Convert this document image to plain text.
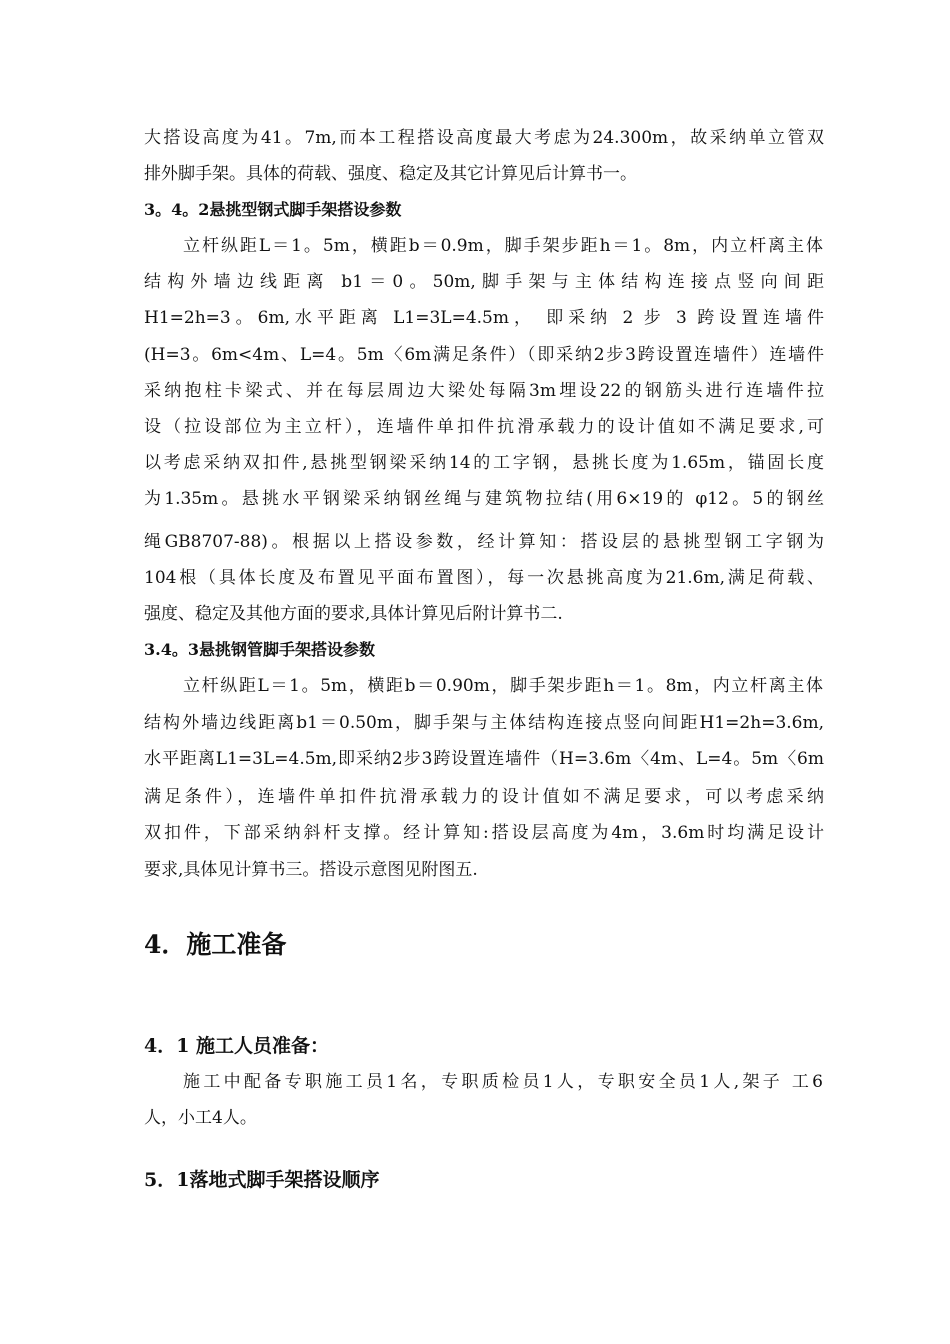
大搭设高度为41。7m,而本工程搭设高度最大考虑为24.300m，故采纳单立管双
排外脚手架。具体的荷载、强度、稳定及其它计算见后计算书一。
3。4。2悬挑型钢式脚手架搭设参数
立杆纵距L＝1。5m，横距b＝0.9m，脚手架步距h＝1。8m，内立杆离主体
结构外墙边线距离 b1＝0。50m,脚手架与主体结构连接点竖向间距
H1=2h=3。6m,水平距离 L1=3L=4.5m， 即采纳 2 步 3 跨设置连墙件
(H=3。6m<4m、L=4。5m〈6m满足条件）（即采纳2步3跨设置连墙件）连墙件
采纳抱柱卡梁式、并在每层周边大梁处每隔3m埋设22的钢筋头进行连墙件拉
设（拉设部位为主立杆），连墙件单扣件抗滑承载力的设计值如不满足要求,可
以考虑采纳双扣件,悬挑型钢梁采纳14的工字钢，悬挑长度为1.65m，锚固长度
为1.35m。悬挑水平钢梁采纳钢丝绳与建筑物拉结(用6×19的 φ12。5的钢丝
绳GB8707-88)。根据以上搭设参数，经计算知：搭设层的悬挑型钢工字钢为
104根（具体长度及布置见平面布置图），每一次悬挑高度为21.6m,满足荷载、
强度、稳定及其他方面的要求,具体计算见后附计算书二.
3.4。3悬挑钢管脚手架搭设参数
立杆纵距L＝1。5m，横距b＝0.90m，脚手架步距h＝1。8m，内立杆离主体
结构外墙边线距离b1＝0.50m，脚手架与主体结构连接点竖向间距H1=2h=3.6m,
水平距离L1=3L=4.5m,即采纳2步3跨设置连墙件（H=3.6m〈4m、L=4。5m〈6m
满足条件），连墙件单扣件抗滑承载力的设计值如不满足要求，可以考虑采纳
双扣件，下部采纳斜杆支撑。经计算知:搭设层高度为4m，3.6m时均满足设计
要求,具体见计算书三。搭设示意图见附图五.
4．施工准备
4．1 施工人员准备：
施工中配备专职施工员1名，专职质检员1人，专职安全员1人,架子 工6
人，小工4人。
5．1落地式脚手架搭设顺序
